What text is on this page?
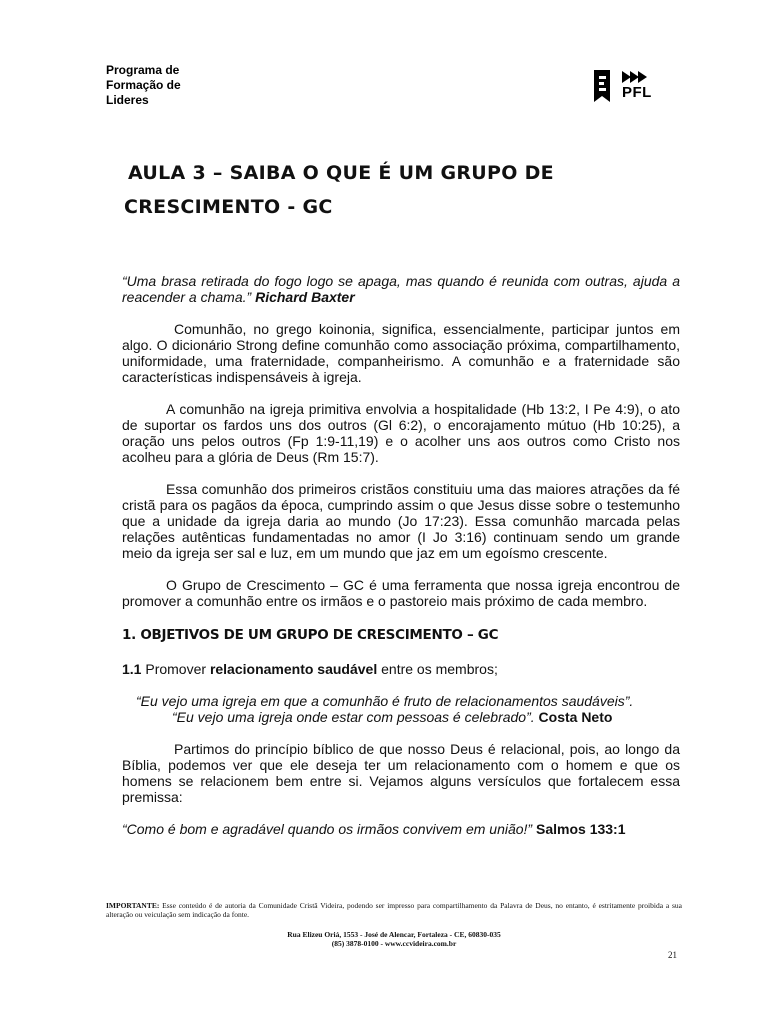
Programa de
Formação de
Lideres	PFL
AULA 3 – SAIBA O QUE É UM GRUPO DE
CRESCIMENTO - GC

“Uma brasa retirada do fogo logo se apaga, mas quando é reunida com outras, ajuda a reacender a chama.” Richard Baxter

Comunhão, no grego koinonia, significa, essencialmente, participar juntos em algo. O dicionário Strong define comunhão como associação próxima, compartilhamento, uniformidade, uma fraternidade, companheirismo. A comunhão e a fraternidade são características indispensáveis à igreja.

A comunhão na igreja primitiva envolvia a hospitalidade (Hb 13:2, I Pe 4:9), o ato de suportar os fardos uns dos outros (Gl 6:2), o encorajamento mútuo (Hb 10:25), a oração uns pelos outros (Fp 1:9-11,19) e o acolher uns aos outros como Cristo nos acolheu para a glória de Deus (Rm 15:7).

Essa comunhão dos primeiros cristãos constituiu uma das maiores atrações da fé cristã para os pagãos da época, cumprindo assim o que Jesus disse sobre o testemunho que a unidade da igreja daria ao mundo (Jo 17:23). Essa comunhão marcada pelas relações autênticas fundamentadas no amor (I Jo 3:16) continuam sendo um grande meio da igreja ser sal e luz, em um mundo que jaz em um egoísmo crescente.

O Grupo de Crescimento – GC é uma ferramenta que nossa igreja encontrou de promover a comunhão entre os irmãos e o pastoreio mais próximo de cada membro.

1. OBJETIVOS DE UM GRUPO DE CRESCIMENTO – GC

1.1 Promover relacionamento saudável entre os membros;

“Eu vejo uma igreja em que a comunhão é fruto de relacionamentos saudáveis”.
“Eu vejo uma igreja onde estar com pessoas é celebrado”. Costa Neto

Partimos do princípio bíblico de que nosso Deus é relacional, pois, ao longo da Bíblia, podemos ver que ele deseja ter um relacionamento com o homem e que os homens se relacionem bem entre si. Vejamos alguns versículos que fortalecem essa premissa:

“Como é bom e agradável quando os irmãos convivem em união!” Salmos 133:1

IMPORTANTE: Esse conteúdo é de autoria da Comunidade Cristã Videira, podendo ser impresso para compartilhamento da Palavra de Deus, no entanto, é estritamente proibida a sua alteração ou veiculação sem indicação da fonte.
Rua Elizeu Oriá, 1553 - José de Alencar, Fortaleza - CE, 60830-035
(85) 3878-0100 - www.ccvideira.com.br
21
